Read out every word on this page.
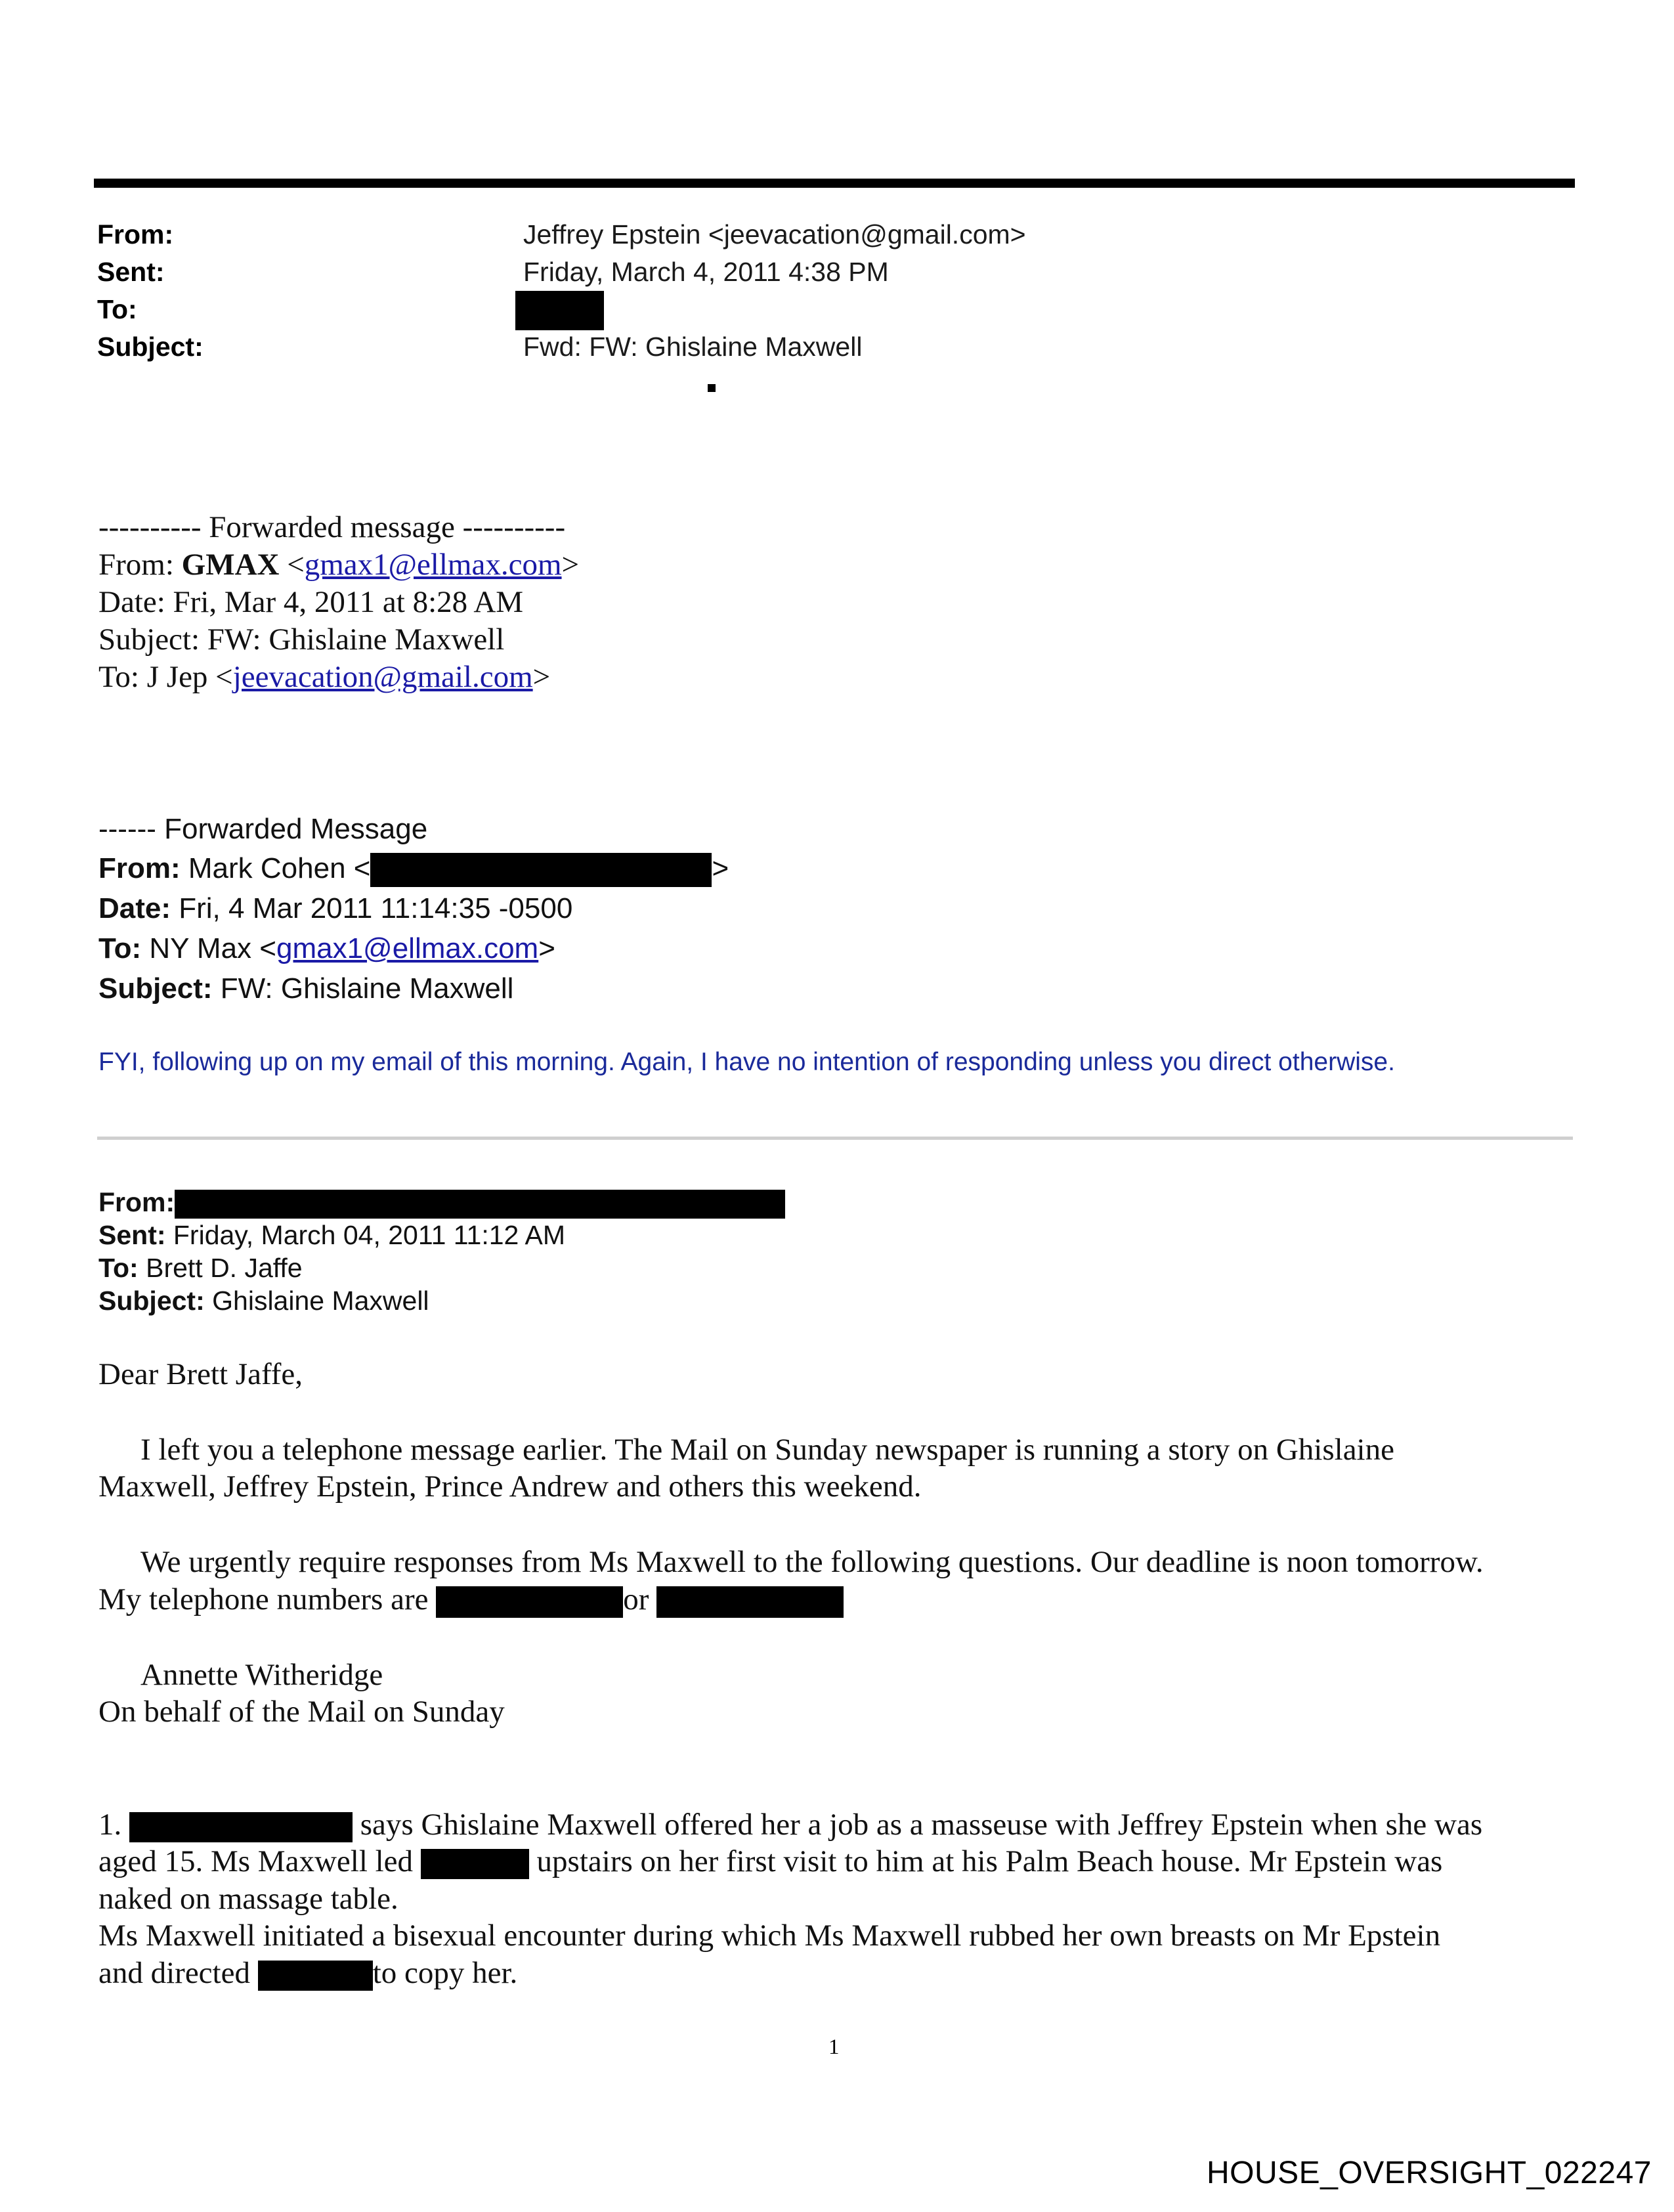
From:	Jeffrey Epstein <jeevacation@gmail.com>
Sent:	Friday, March 4, 2011 4:38 PM
To:
Subject:	Fwd: FW: Ghislaine Maxwell
---------- Forwarded message ----------
From: GMAX <gmax1@ellmax.com>
Date: Fri, Mar 4, 2011 at 8:28 AM
Subject: FW: Ghislaine Maxwell
To: J Jep <jeevacation@gmail.com>
------ Forwarded Message
From: Mark Cohen <	>
Date: Fri, 4 Mar 2011 11:14:35 -0500
To: NY Max <gmax1@ellmax.com>
Subject: FW: Ghislaine Maxwell
FYI, following up on my email of this morning. Again, I have no intention of responding unless you direct otherwise.
From:
Sent: Friday, March 04, 2011 11:12 AM
To: Brett D. Jaffe
Subject: Ghislaine Maxwell
Dear Brett Jaffe,
I left you a telephone message earlier. The Mail on Sunday newspaper is running a story on Ghislaine
Maxwell, Jeffrey Epstein, Prince Andrew and others this weekend.
We urgently require responses from Ms Maxwell to the following questions. Our deadline is noon tomorrow.
My telephone numbers are	or
Annette Witheridge
On behalf of the Mail on Sunday
1.	says Ghislaine Maxwell offered her a job as a masseuse with Jeffrey Epstein when she was
aged 15. Ms Maxwell led	upstairs on her first visit to him at his Palm Beach house. Mr Epstein was
naked on massage table.
Ms Maxwell initiated a bisexual encounter during which Ms Maxwell rubbed her own breasts on Mr Epstein
and directed	to copy her.
1
HOUSE_OVERSIGHT_022247
